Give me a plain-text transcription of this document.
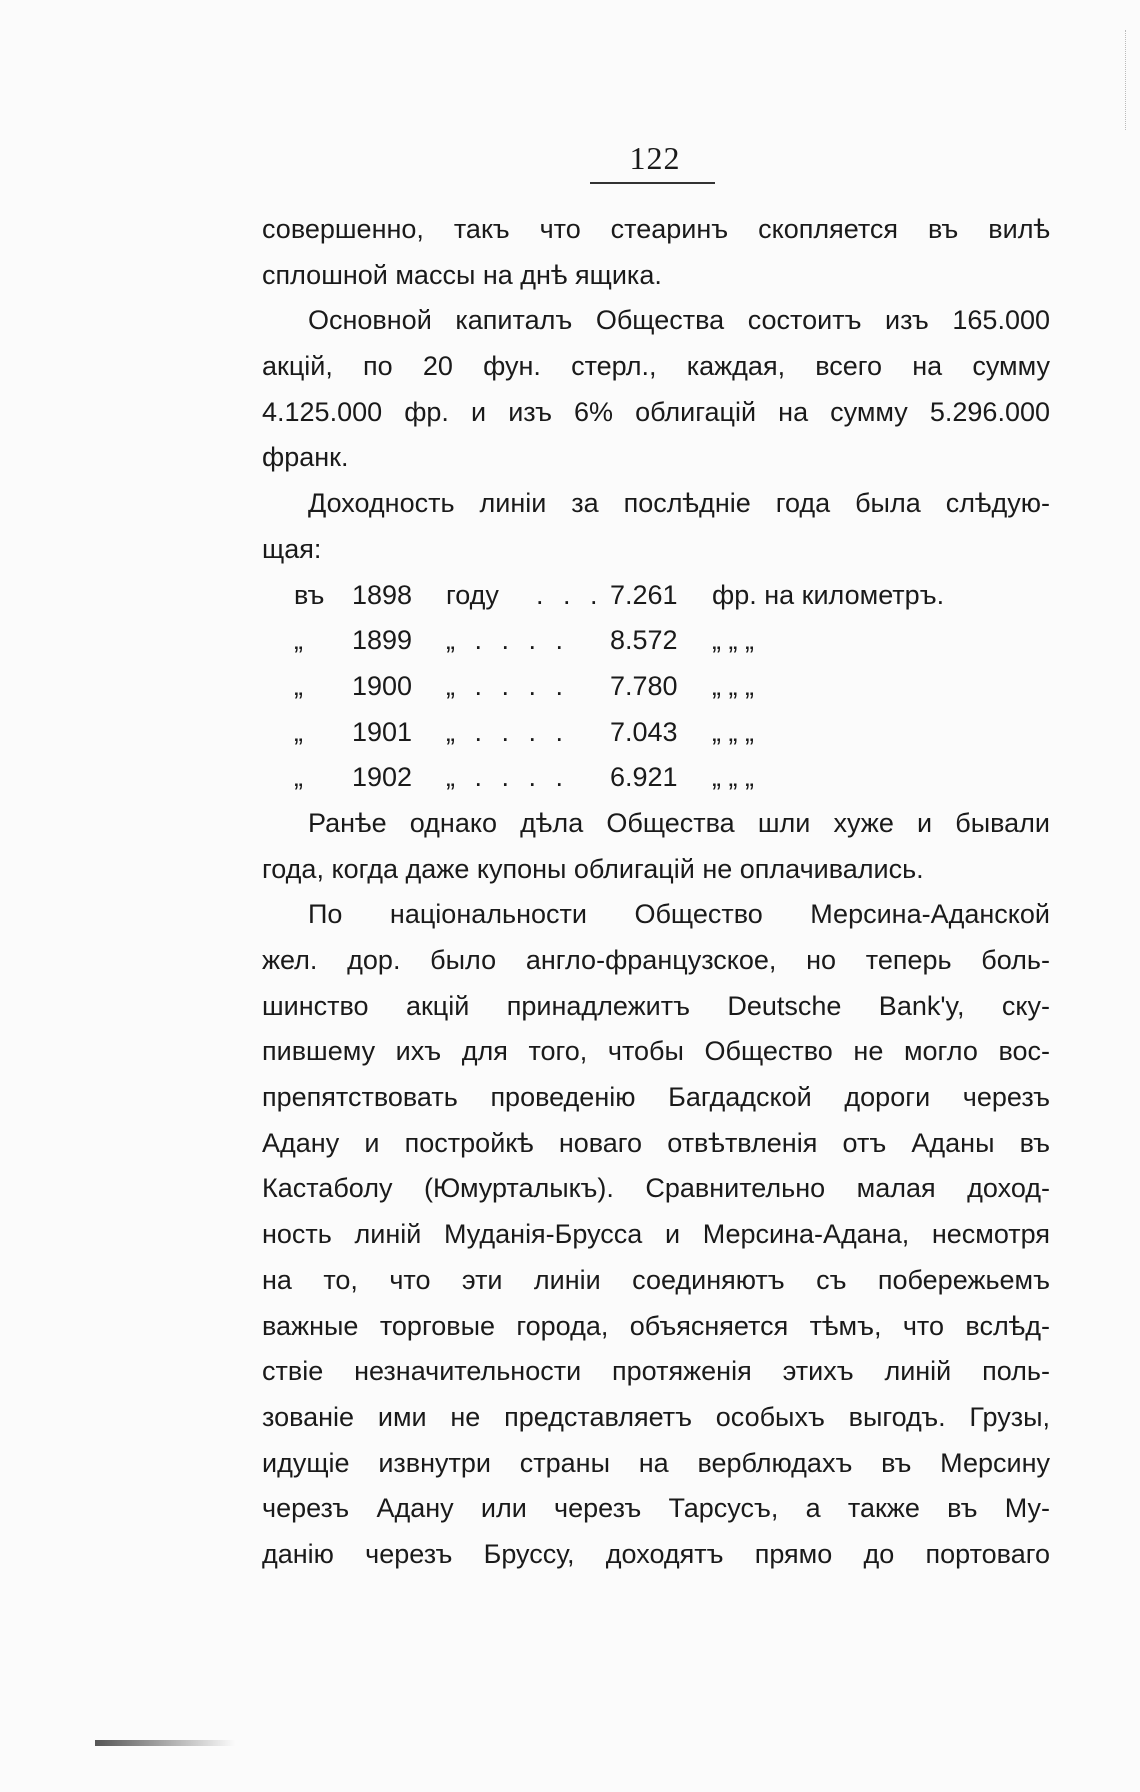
122
совершенно, такъ что стеаринъ скопляется въ вилѣ
сплошной массы на днѣ ящика.
Основной капиталъ Общества состоитъ изъ 165.000
акцій, по 20 фун. стерл., каждая, всего на сумму
4.125.000 фр. и изъ 6% облигацій на сумму 5.296.000
франк.
Доходность линіи за послѣдніе года была слѣдую-
щая:
въ	1898	году	. . . 7.261	фр. на километръ.
„	1899	„ . . . .	8.572	„ „ „
„	1900	„ . . . .	7.780	„ „ „
„	1901	„ . . . .	7.043	„ „ „
„	1902	„ . . . .	6.921	„ „ „
Ранѣе однако дѣла Общества шли хуже и бывали
года, когда даже купоны облигацій не оплачивались.
По національности Общество Мерсина-Аданской
жел. дор. было англо-французское, но теперь боль-
шинство акцій принадлежитъ Deutsche Bank'y, ску-
пившему ихъ для того, чтобы Общество не могло вос-
препятствовать проведенію Багдадской дороги черезъ
Адану и постройкѣ новаго отвѣтвленія отъ Аданы въ
Кастаболу (Юмурталыкъ). Сравнительно малая доход-
ность линій Муданія-Бруссa и Мерсина-Адана, несмотря
на то, что эти линіи соединяютъ съ побережьемъ
важные торговые города, объясняется тѣмъ, что вслѣд-
ствіе незначительности протяженія этихъ линій поль-
зованіе ими не представляетъ особыхъ выгодъ. Грузы,
идущіе извнутри страны на верблюдахъ въ Мерсину
черезъ Адану или черезъ Тарсусъ, а также въ Му-
данію черезъ Бруссу, доходятъ прямо до портоваго
